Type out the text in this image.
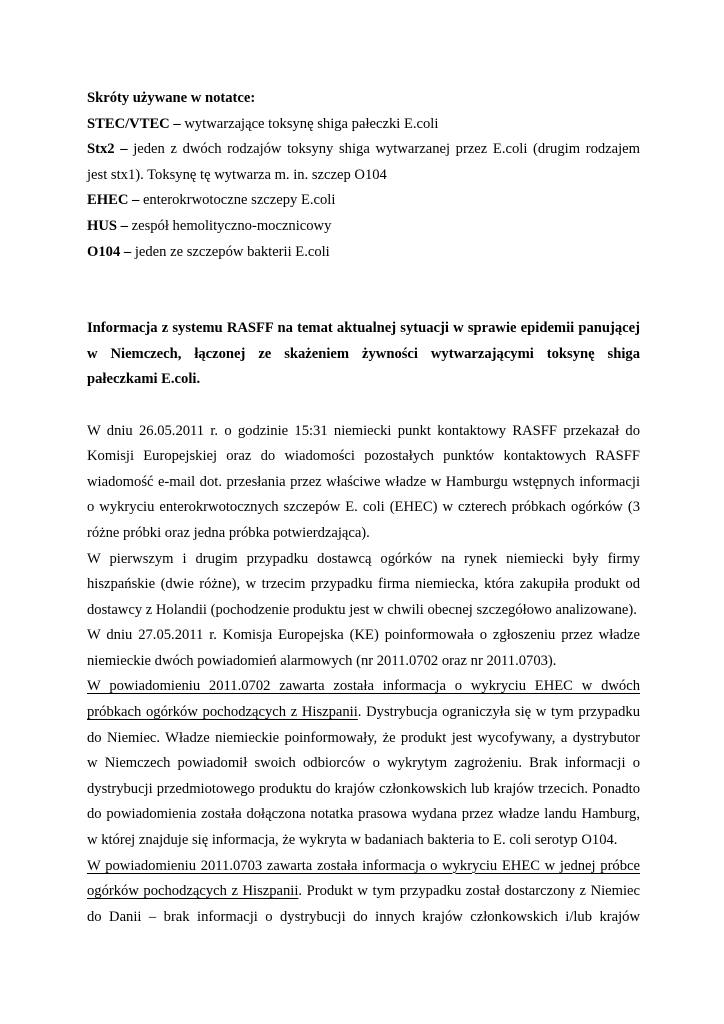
Skróty używane w notatce:
STEC/VTEC – wytwarzające toksynę shiga pałeczki E.coli
Stx2 – jeden z dwóch rodzajów toksyny shiga wytwarzanej przez E.coli (drugim rodzajem
jest stx1). Toksynę tę wytwarza m. in. szczep O104
EHEC – enterokrwotoczne szczepy E.coli
HUS – zespół hemolityczno-mocznicowy
O104 – jeden ze szczepów bakterii E.coli
Informacja z systemu RASFF na temat aktualnej sytuacji w sprawie epidemii panującej
w Niemczech, łączonej ze skażeniem żywności wytwarzającymi toksynę shiga
pałeczkami E.coli.
W dniu 26.05.2011 r. o godzinie 15:31 niemiecki punkt kontaktowy RASFF przekazał do
Komisji Europejskiej oraz do wiadomości pozostałych punktów kontaktowych RASFF
wiadomość e-mail dot. przesłania przez właściwe władze w Hamburgu wstępnych informacji
o wykryciu enterokrwotocznych szczepów E. coli (EHEC) w czterech próbkach ogórków (3
różne próbki oraz jedna próbka potwierdzająca).
W pierwszym i drugim przypadku dostawcą ogórków na rynek niemiecki były firmy
hiszpańskie (dwie różne), w trzecim przypadku firma niemiecka, która zakupiła produkt od
dostawcy z Holandii (pochodzenie produktu jest w chwili obecnej szczegółowo analizowane).
W dniu 27.05.2011 r. Komisja Europejska (KE) poinformowała o zgłoszeniu przez władze
niemieckie dwóch powiadomień alarmowych (nr 2011.0702 oraz nr 2011.0703).
W powiadomieniu 2011.0702 zawarta została informacja o wykryciu EHEC w dwóch
próbkach ogórków pochodzących z Hiszpanii. Dystrybucja ograniczyła się w tym przypadku
do Niemiec. Władze niemieckie poinformowały, że produkt jest wycofywany, a dystrybutor
w Niemczech powiadomił swoich odbiorców o wykrytym zagrożeniu. Brak informacji o
dystrybucji przedmiotowego produktu do krajów członkowskich lub krajów trzecich. Ponadto
do powiadomienia została dołączona notatka prasowa wydana przez władze landu Hamburg,
w której znajduje się informacja, że wykryta w badaniach bakteria to E. coli serotyp O104.
W powiadomieniu 2011.0703 zawarta została informacja o wykryciu EHEC w jednej próbce
ogórków pochodzących z Hiszpanii. Produkt w tym przypadku został dostarczony z Niemiec
do Danii – brak informacji o dystrybucji do innych krajów członkowskich i/lub krajów
